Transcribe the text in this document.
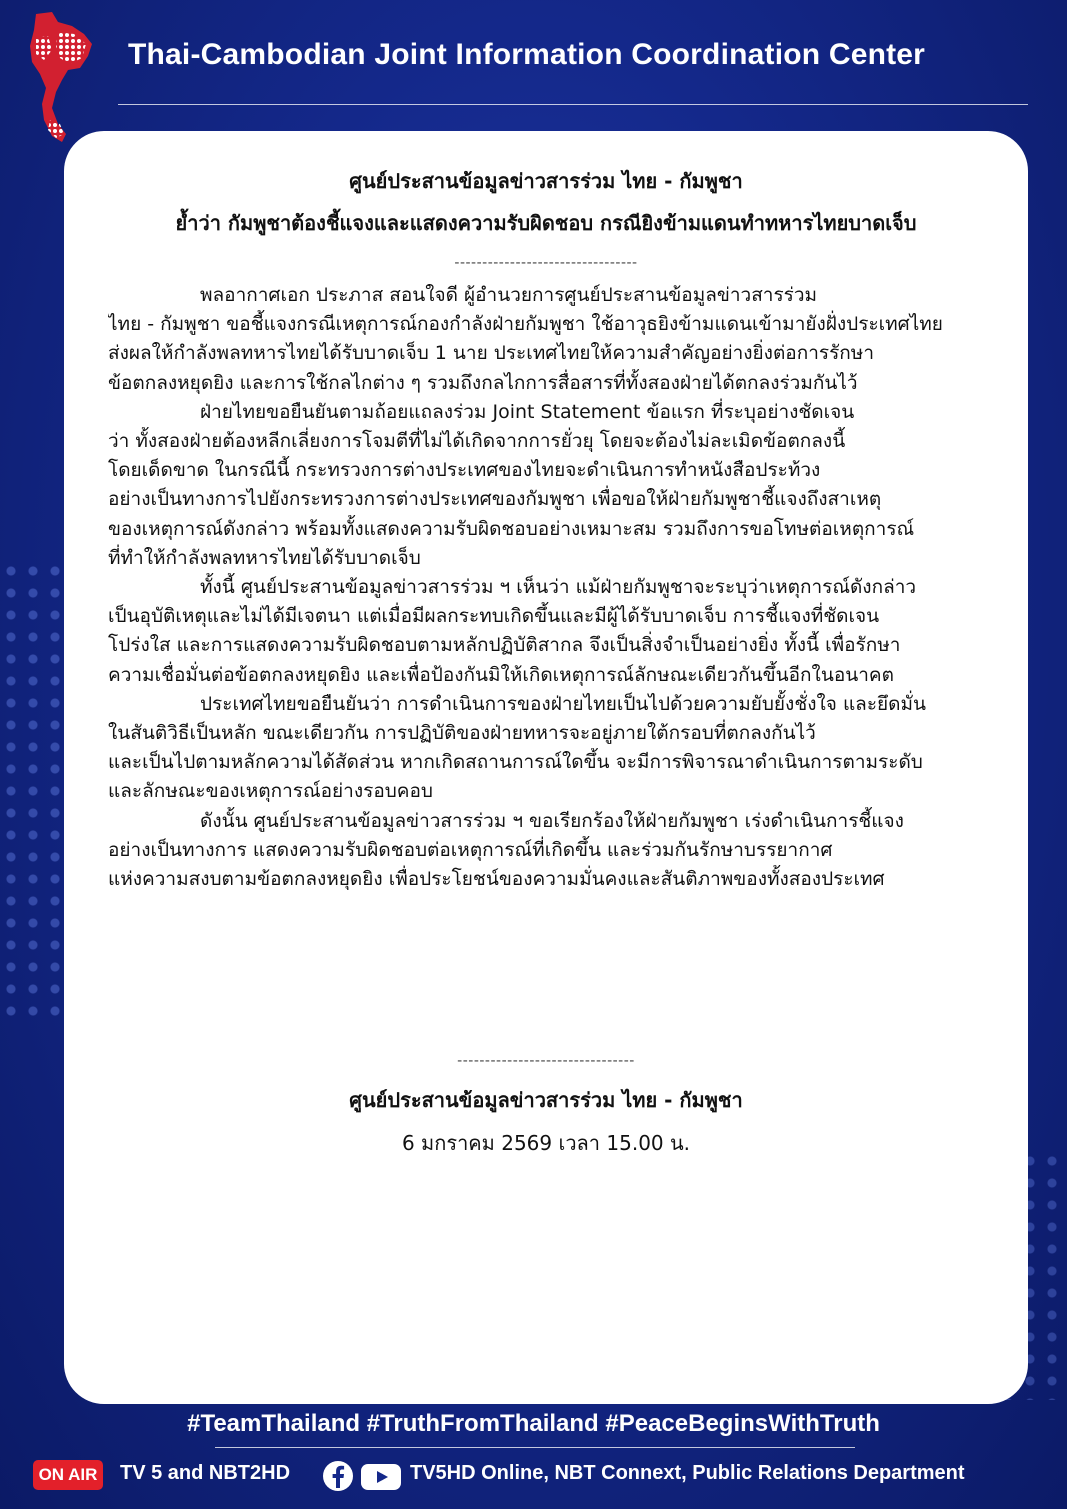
Thai-Cambodian Joint Information Coordination Center
ศูนย์ประสานข้อมูลข่าวสารร่วม ไทย - กัมพูชา
ย้ำว่า กัมพูชาต้องชี้แจงและแสดงความรับผิดชอบ กรณียิงข้ามแดนทำทหารไทยบาดเจ็บ
---------------------------------
พลอากาศเอก ประภาส สอนใจดี ผู้อำนวยการศูนย์ประสานข้อมูลข่าวสารร่วม
ไทย - กัมพูชา ขอชี้แจงกรณีเหตุการณ์กองกำลังฝ่ายกัมพูชา ใช้อาวุธยิงข้ามแดนเข้ามายังฝั่งประเทศไทย
ส่งผลให้กำลังพลทหารไทยได้รับบาดเจ็บ 1 นาย ประเทศไทยให้ความสำคัญอย่างยิ่งต่อการรักษา
ข้อตกลงหยุดยิง และการใช้กลไกต่าง ๆ รวมถึงกลไกการสื่อสารที่ทั้งสองฝ่ายได้ตกลงร่วมกันไว้
ฝ่ายไทยขอยืนยันตามถ้อยแถลงร่วม Joint Statement ข้อแรก ที่ระบุอย่างชัดเจน
ว่า ทั้งสองฝ่ายต้องหลีกเลี่ยงการโจมตีที่ไม่ได้เกิดจากการยั่วยุ โดยจะต้องไม่ละเมิดข้อตกลงนี้
โดยเด็ดขาด ในกรณีนี้ กระทรวงการต่างประเทศของไทยจะดำเนินการทำหนังสือประท้วง
อย่างเป็นทางการไปยังกระทรวงการต่างประเทศของกัมพูชา เพื่อขอให้ฝ่ายกัมพูชาชี้แจงถึงสาเหตุ
ของเหตุการณ์ดังกล่าว พร้อมทั้งแสดงความรับผิดชอบอย่างเหมาะสม รวมถึงการขอโทษต่อเหตุการณ์
ที่ทำให้กำลังพลทหารไทยได้รับบาดเจ็บ
ทั้งนี้ ศูนย์ประสานข้อมูลข่าวสารร่วม ฯ เห็นว่า แม้ฝ่ายกัมพูชาจะระบุว่าเหตุการณ์ดังกล่าว
เป็นอุบัติเหตุและไม่ได้มีเจตนา แต่เมื่อมีผลกระทบเกิดขึ้นและมีผู้ได้รับบาดเจ็บ การชี้แจงที่ชัดเจน
โปร่งใส และการแสดงความรับผิดชอบตามหลักปฏิบัติสากล จึงเป็นสิ่งจำเป็นอย่างยิ่ง ทั้งนี้ เพื่อรักษา
ความเชื่อมั่นต่อข้อตกลงหยุดยิง และเพื่อป้องกันมิให้เกิดเหตุการณ์ลักษณะเดียวกันขึ้นอีกในอนาคต
ประเทศไทยขอยืนยันว่า การดำเนินการของฝ่ายไทยเป็นไปด้วยความยับยั้งชั่งใจ และยึดมั่น
ในสันติวิธีเป็นหลัก ขณะเดียวกัน การปฏิบัติของฝ่ายทหารจะอยู่ภายใต้กรอบที่ตกลงกันไว้
และเป็นไปตามหลักความได้สัดส่วน หากเกิดสถานการณ์ใดขึ้น จะมีการพิจารณาดำเนินการตามระดับ
และลักษณะของเหตุการณ์อย่างรอบคอบ
ดังนั้น ศูนย์ประสานข้อมูลข่าวสารร่วม ฯ ขอเรียกร้องให้ฝ่ายกัมพูชา เร่งดำเนินการชี้แจง
อย่างเป็นทางการ แสดงความรับผิดชอบต่อเหตุการณ์ที่เกิดขึ้น และร่วมกันรักษาบรรยากาศ
แห่งความสงบตามข้อตกลงหยุดยิง เพื่อประโยชน์ของความมั่นคงและสันติภาพของทั้งสองประเทศ
--------------------------------
ศูนย์ประสานข้อมูลข่าวสารร่วม ไทย - กัมพูชา
6 มกราคม 2569 เวลา 15.00 น.
#TeamThailand #TruthFromThailand #PeaceBeginsWithTruth
ON AIR TV 5 and NBT2HD	TV5HD Online, NBT Connext, Public Relations Department
